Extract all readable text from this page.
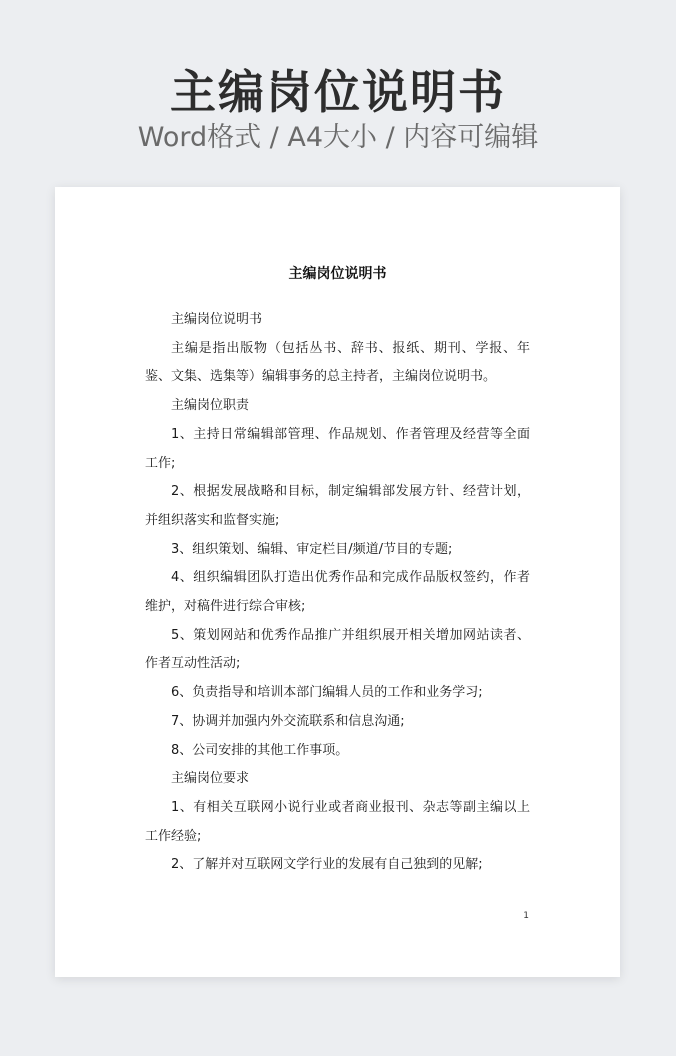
主编岗位说明书
Word格式 / A4大小 / 内容可编辑
主编岗位说明书

主编岗位说明书

主编是指出版物（包括丛书、辞书、报纸、期刊、学报、年鉴、文集、选集等）编辑事务的总主持者，主编岗位说明书。

主编岗位职责

1、主持日常编辑部管理、作品规划、作者管理及经营等全面工作;

2、根据发展战略和目标，制定编辑部发展方针、经营计划，并组织落实和监督实施;

3、组织策划、编辑、审定栏目/频道/节目的专题;

4、组织编辑团队打造出优秀作品和完成作品版权签约，作者维护，对稿件进行综合审核;

5、策划网站和优秀作品推广并组织展开相关增加网站读者、作者互动性活动;

6、负责指导和培训本部门编辑人员的工作和业务学习;

7、协调并加强内外交流联系和信息沟通;

8、公司安排的其他工作事项。

主编岗位要求

1、有相关互联网小说行业或者商业报刊、杂志等副主编以上工作经验;

2、了解并对互联网文学行业的发展有自己独到的见解;

1
